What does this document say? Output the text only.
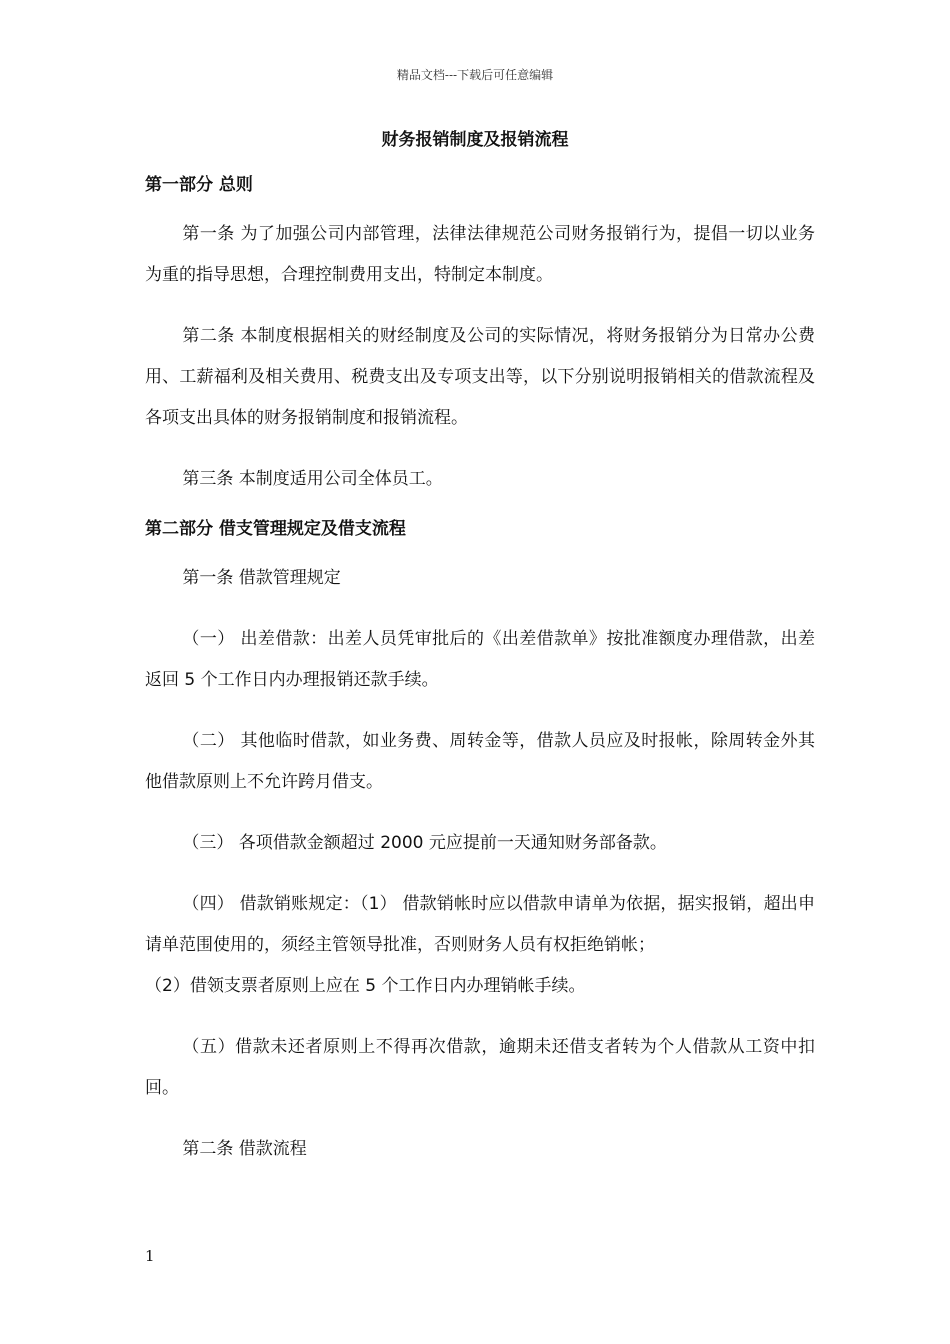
精品文档---下载后可任意编辑
财务报销制度及报销流程
第一部分 总则

第一条 为了加强公司内部管理，法律法律规范公司财务报销行为，提倡一切以业务为重的指导思想，合理控制费用支出，特制定本制度。

第二条 本制度根据相关的财经制度及公司的实际情况，将财务报销分为日常办公费用、工薪福利及相关费用、税费支出及专项支出等，以下分别说明报销相关的借款流程及各项支出具体的财务报销制度和报销流程。

第三条 本制度适用公司全体员工。

第二部分 借支管理规定及借支流程

第一条 借款管理规定

（一） 出差借款：出差人员凭审批后的《出差借款单》按批准额度办理借款，出差返回 5 个工作日内办理报销还款手续。

（二） 其他临时借款，如业务费、周转金等，借款人员应及时报帐，除周转金外其他借款原则上不允许跨月借支。

（三） 各项借款金额超过 2000 元应提前一天通知财务部备款。

（四） 借款销账规定：（1） 借款销帐时应以借款申请单为依据，据实报销，超出申请单范围使用的，须经主管领导批准，否则财务人员有权拒绝销帐；

（2）借领支票者原则上应在 5 个工作日内办理销帐手续。

（五）借款未还者原则上不得再次借款，逾期未还借支者转为个人借款从工资中扣回。

第二条 借款流程

1
